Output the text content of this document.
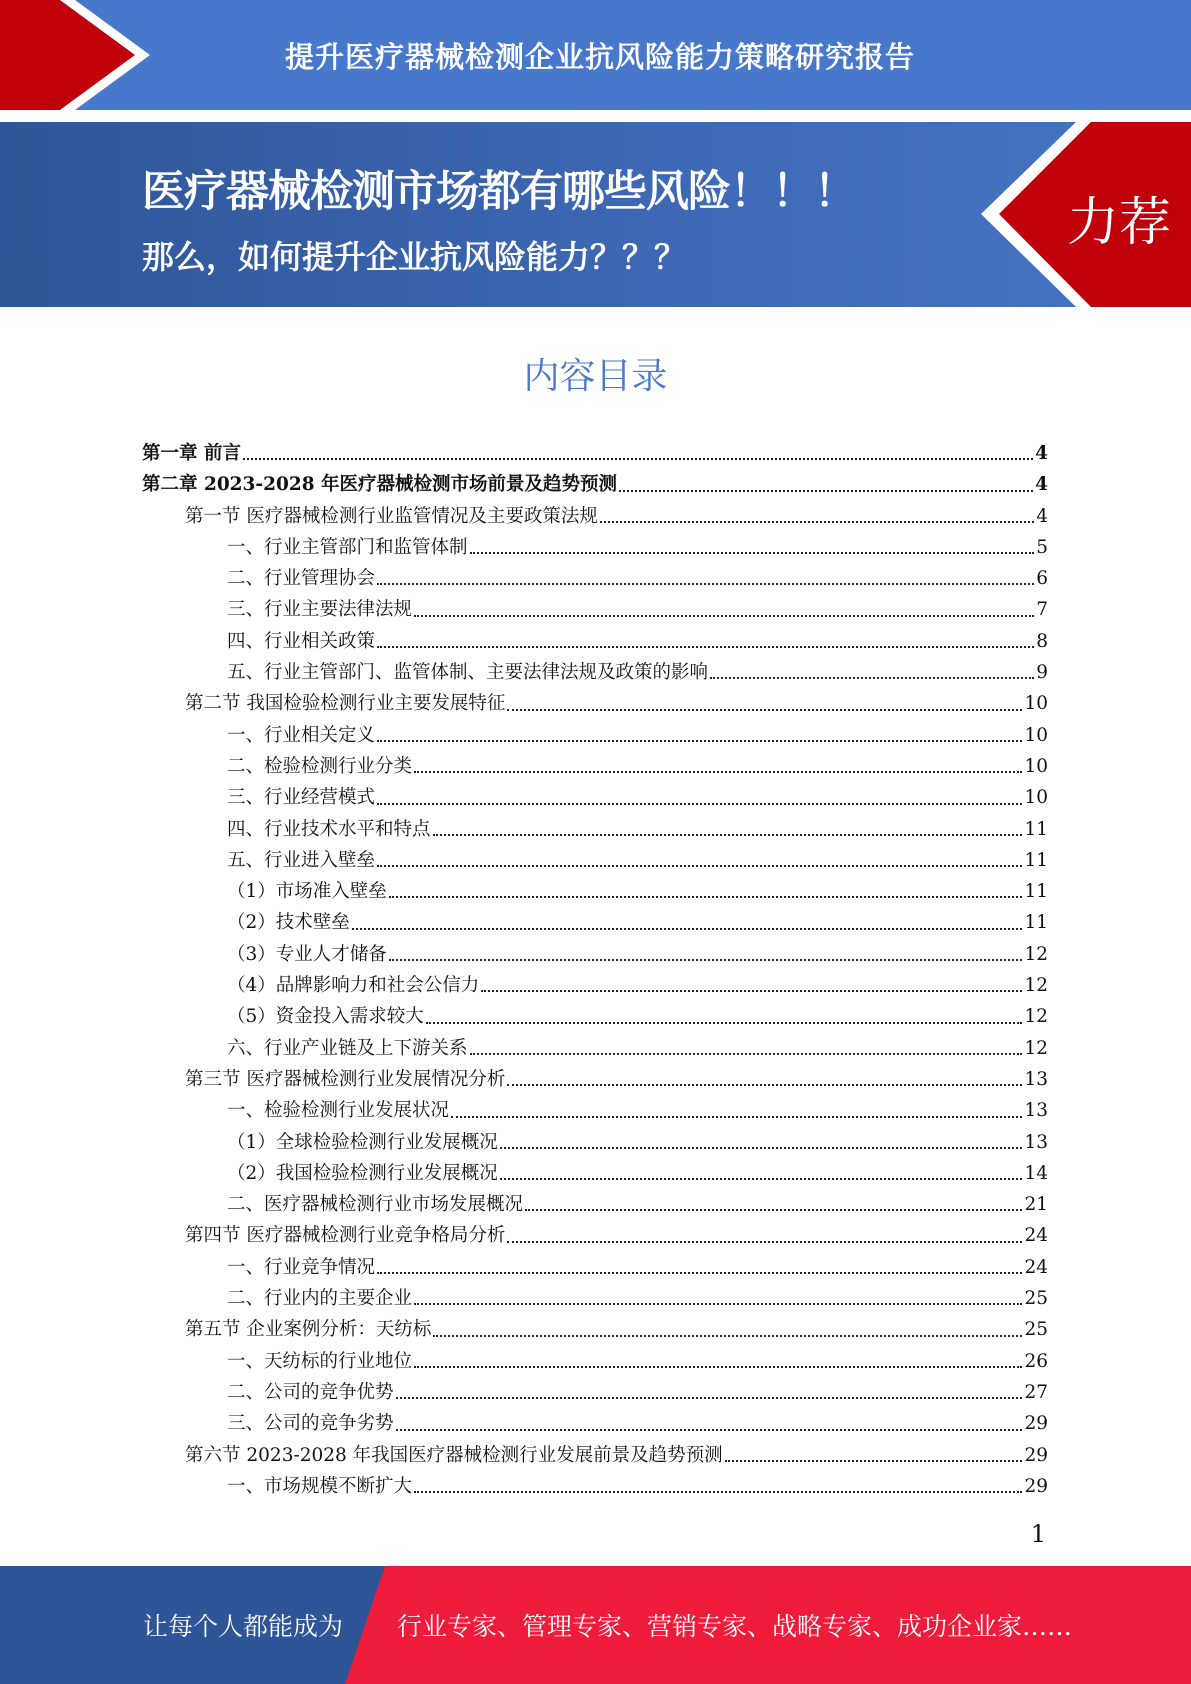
提升医疗器械检测企业抗风险能力策略研究报告
医疗器械检测市场都有哪些风险！！！
那么，如何提升企业抗风险能力？？？
力荐
内容目录
第一章 前言	4
第二章 2023-2028 年医疗器械检测市场前景及趋势预测	4
第一节 医疗器械检测行业监管情况及主要政策法规	4
一、行业主管部门和监管体制	5
二、行业管理协会	6
三、行业主要法律法规	7
四、行业相关政策	8
五、行业主管部门、监管体制、主要法律法规及政策的影响	9
第二节 我国检验检测行业主要发展特征	10
一、行业相关定义	10
二、检验检测行业分类	10
三、行业经营模式	10
四、行业技术水平和特点	11
五、行业进入壁垒	11
（1）市场准入壁垒	11
（2）技术壁垒	11
（3）专业人才储备	12
（4）品牌影响力和社会公信力	12
（5）资金投入需求较大	12
六、行业产业链及上下游关系	12
第三节 医疗器械检测行业发展情况分析	13
一、检验检测行业发展状况	13
（1）全球检验检测行业发展概况	13
（2）我国检验检测行业发展概况	14
二、医疗器械检测行业市场发展概况	21
第四节 医疗器械检测行业竞争格局分析	24
一、行业竞争情况	24
二、行业内的主要企业	25
第五节 企业案例分析：天纺标	25
一、天纺标的行业地位	26
二、公司的竞争优势	27
三、公司的竞争劣势	29
第六节 2023-2028 年我国医疗器械检测行业发展前景及趋势预测	29
一、市场规模不断扩大	29
1
让每个人都能成为 行业专家、管理专家、营销专家、战略专家、成功企业家……
